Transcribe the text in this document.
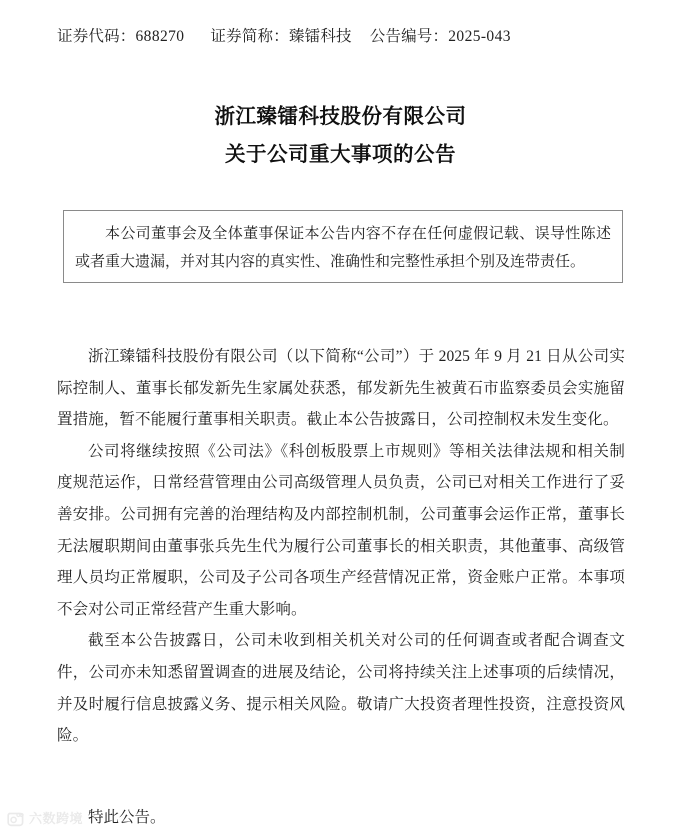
证券代码：688270 证券简称：臻镭科技 公告编号：2025-043
浙江臻镭科技股份有限公司
关于公司重大事项的公告
本公司董事会及全体董事保证本公告内容不存在任何虚假记载、误导性陈述或者重大遗漏，并对其内容的真实性、准确性和完整性承担个别及连带责任。

浙江臻镭科技股份有限公司（以下简称“公司”）于 2025 年 9 月 21 日从公司实际控制人、董事长郁发新先生家属处获悉，郁发新先生被黄石市监察委员会实施留置措施，暂不能履行董事相关职责。截止本公告披露日，公司控制权未发生变化。

公司将继续按照《公司法》《科创板股票上市规则》等相关法律法规和相关制度规范运作，日常经营管理由公司高级管理人员负责，公司已对相关工作进行了妥善安排。公司拥有完善的治理结构及内部控制机制，公司董事会运作正常，董事长无法履职期间由董事张兵先生代为履行公司董事长的相关职责，其他董事、高级管理人员均正常履职，公司及子公司各项生产经营情况正常，资金账户正常。本事项不会对公司正常经营产生重大影响。

截至本公告披露日，公司未收到相关机关对公司的任何调查或者配合调查文件，公司亦未知悉留置调查的进展及结论，公司将持续关注上述事项的后续情况，并及时履行信息披露义务、提示相关风险。敬请广大投资者理性投资，注意投资风险。

特此公告。
六数跨境
